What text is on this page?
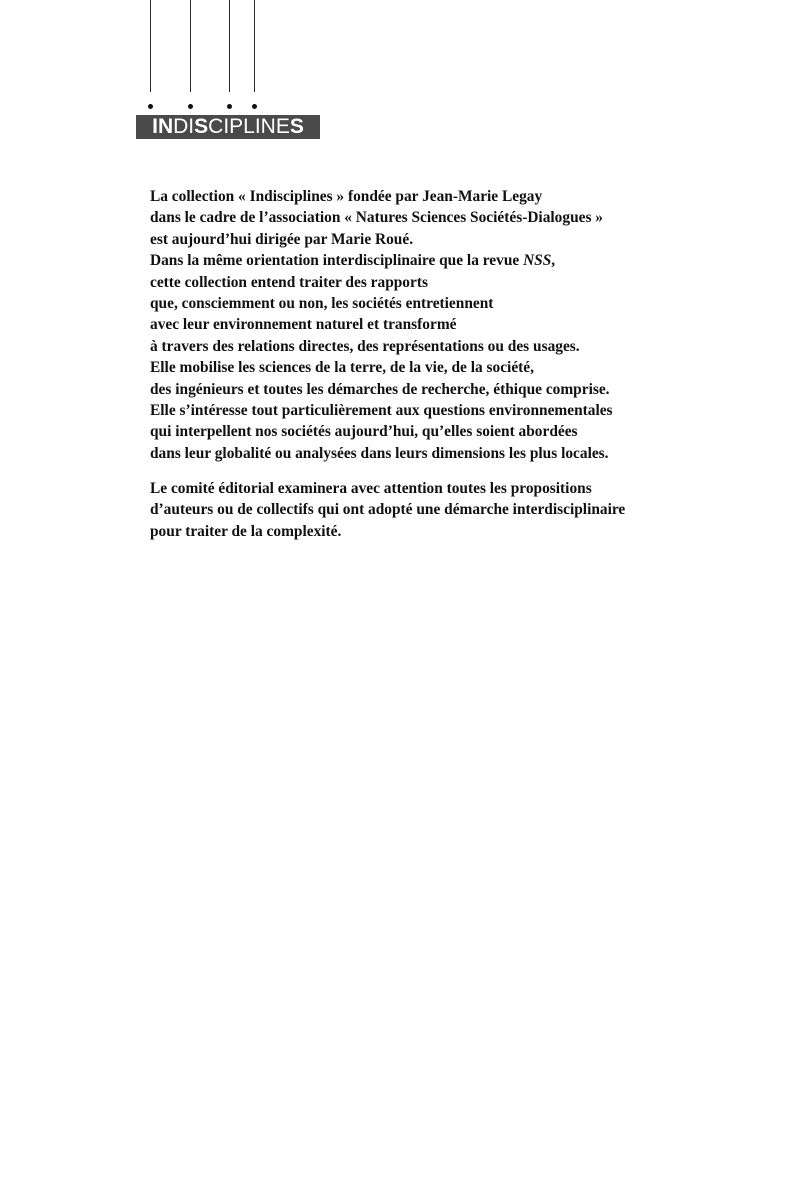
INDISCIPLINES
La collection « Indisciplines » fondée par Jean-Marie Legay
dans le cadre de l’association « Natures Sciences Sociétés-Dialogues »
est aujourd’hui dirigée par Marie Roué.
Dans la même orientation interdisciplinaire que la revue NSS,
cette collection entend traiter des rapports
que, consciemment ou non, les sociétés entretiennent
avec leur environnement naturel et transformé
à travers des relations directes, des représentations ou des usages.
Elle mobilise les sciences de la terre, de la vie, de la société,
des ingénieurs et toutes les démarches de recherche, éthique comprise.
Elle s’intéresse tout particulièrement aux questions environnementales
qui interpellent nos sociétés aujourd’hui, qu’elles soient abordées
dans leur globalité ou analysées dans leurs dimensions les plus locales.
Le comité éditorial examinera avec attention toutes les propositions
d’auteurs ou de collectifs qui ont adopté une démarche interdisciplinaire
pour traiter de la complexité.
